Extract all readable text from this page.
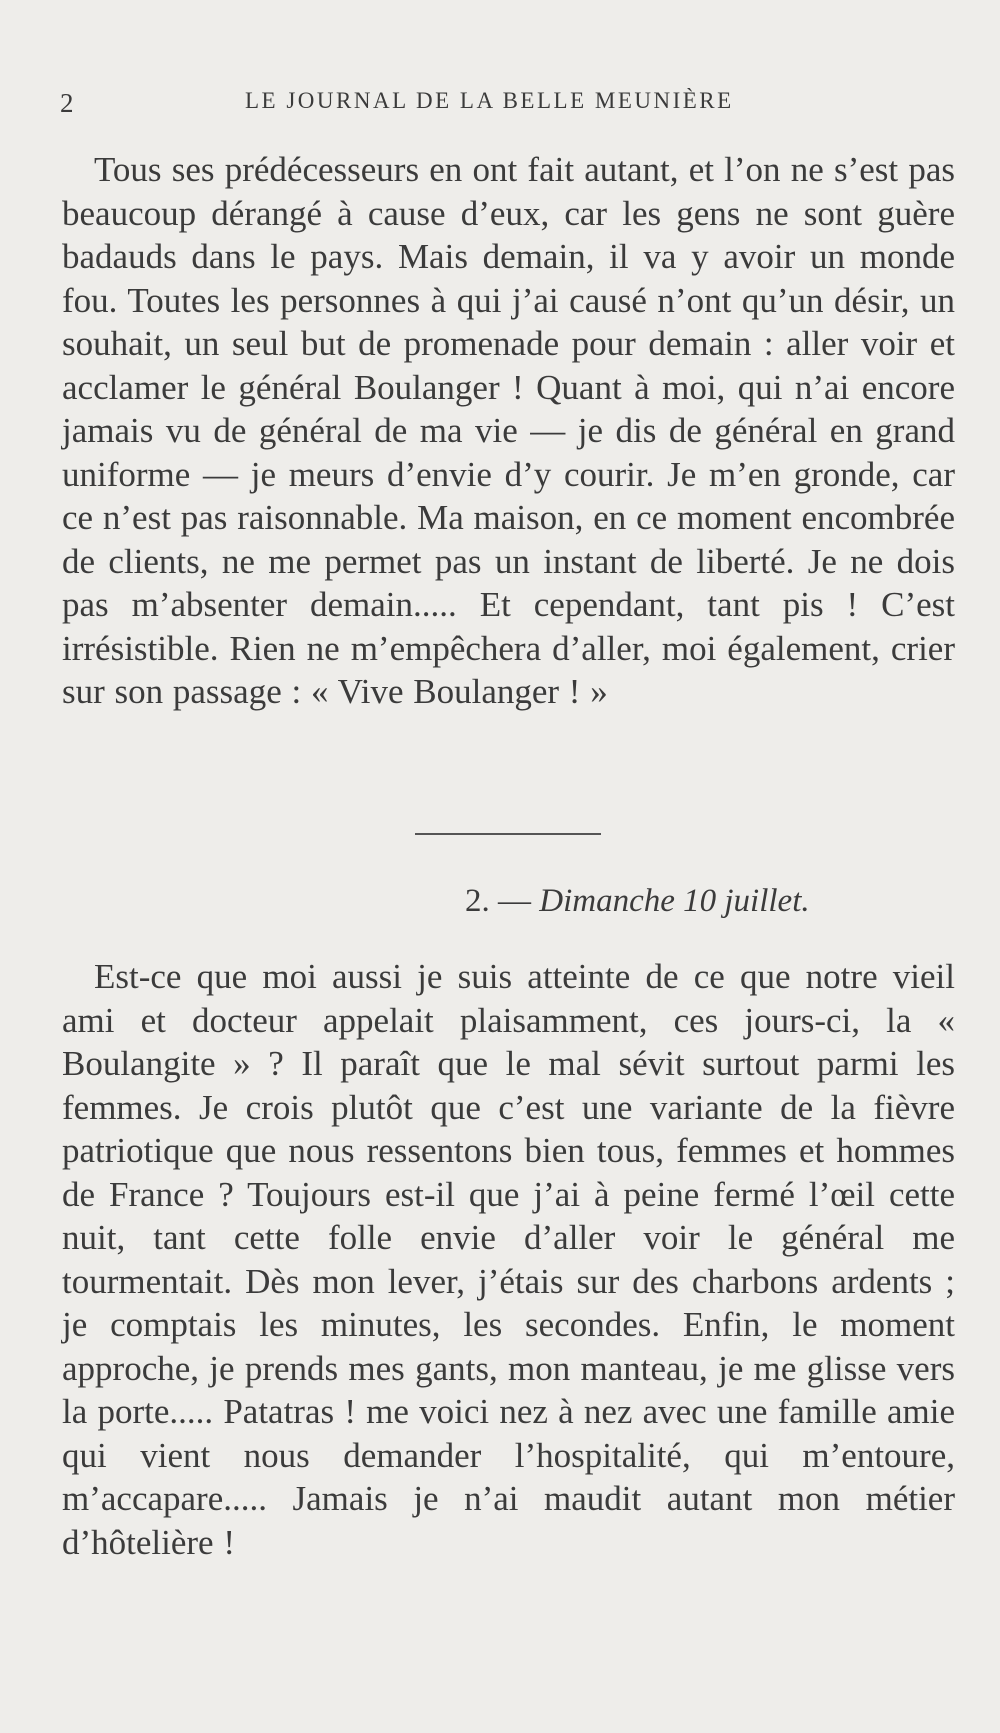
2	LE JOURNAL DE LA BELLE MEUNIÈRE

Tous ses prédécesseurs en ont fait autant, et l’on ne s’est pas beaucoup dérangé à cause d’eux, car les gens ne sont guère badauds dans le pays. Mais demain, il va y avoir un monde fou. Toutes les personnes à qui j’ai causé n’ont qu’un désir, un souhait, un seul but de promenade pour demain : aller voir et acclamer le général Boulanger ! Quant à moi, qui n’ai encore jamais vu de général de ma vie — je dis de général en grand uniforme — je meurs d’envie d’y courir. Je m’en gronde, car ce n’est pas raisonnable. Ma maison, en ce moment encombrée de clients, ne me permet pas un instant de liberté. Je ne dois pas m’absenter demain..... Et cependant, tant pis ! C’est irrésistible. Rien ne m’empêchera d’aller, moi également, crier sur son passage : « Vive Boulanger ! »

2. — Dimanche 10 juillet.

Est-ce que moi aussi je suis atteinte de ce que notre vieil ami et docteur appelait plaisamment, ces jours-ci, la « Boulangite » ? Il paraît que le mal sévit surtout parmi les femmes. Je crois plutôt que c’est une variante de la fièvre patriotique que nous ressentons bien tous, femmes et hommes de France ? Toujours est-il que j’ai à peine fermé l’œil cette nuit, tant cette folle envie d’aller voir le général me tourmentait. Dès mon lever, j’étais sur des charbons ardents ; je comptais les minutes, les secondes. Enfin, le moment approche, je prends mes gants, mon manteau, je me glisse vers la porte..... Patatras ! me voici nez à nez avec une famille amie qui vient nous demander l’hospitalité, qui m’entoure, m’accapare..... Jamais je n’ai maudit autant mon métier d’hôtelière !
